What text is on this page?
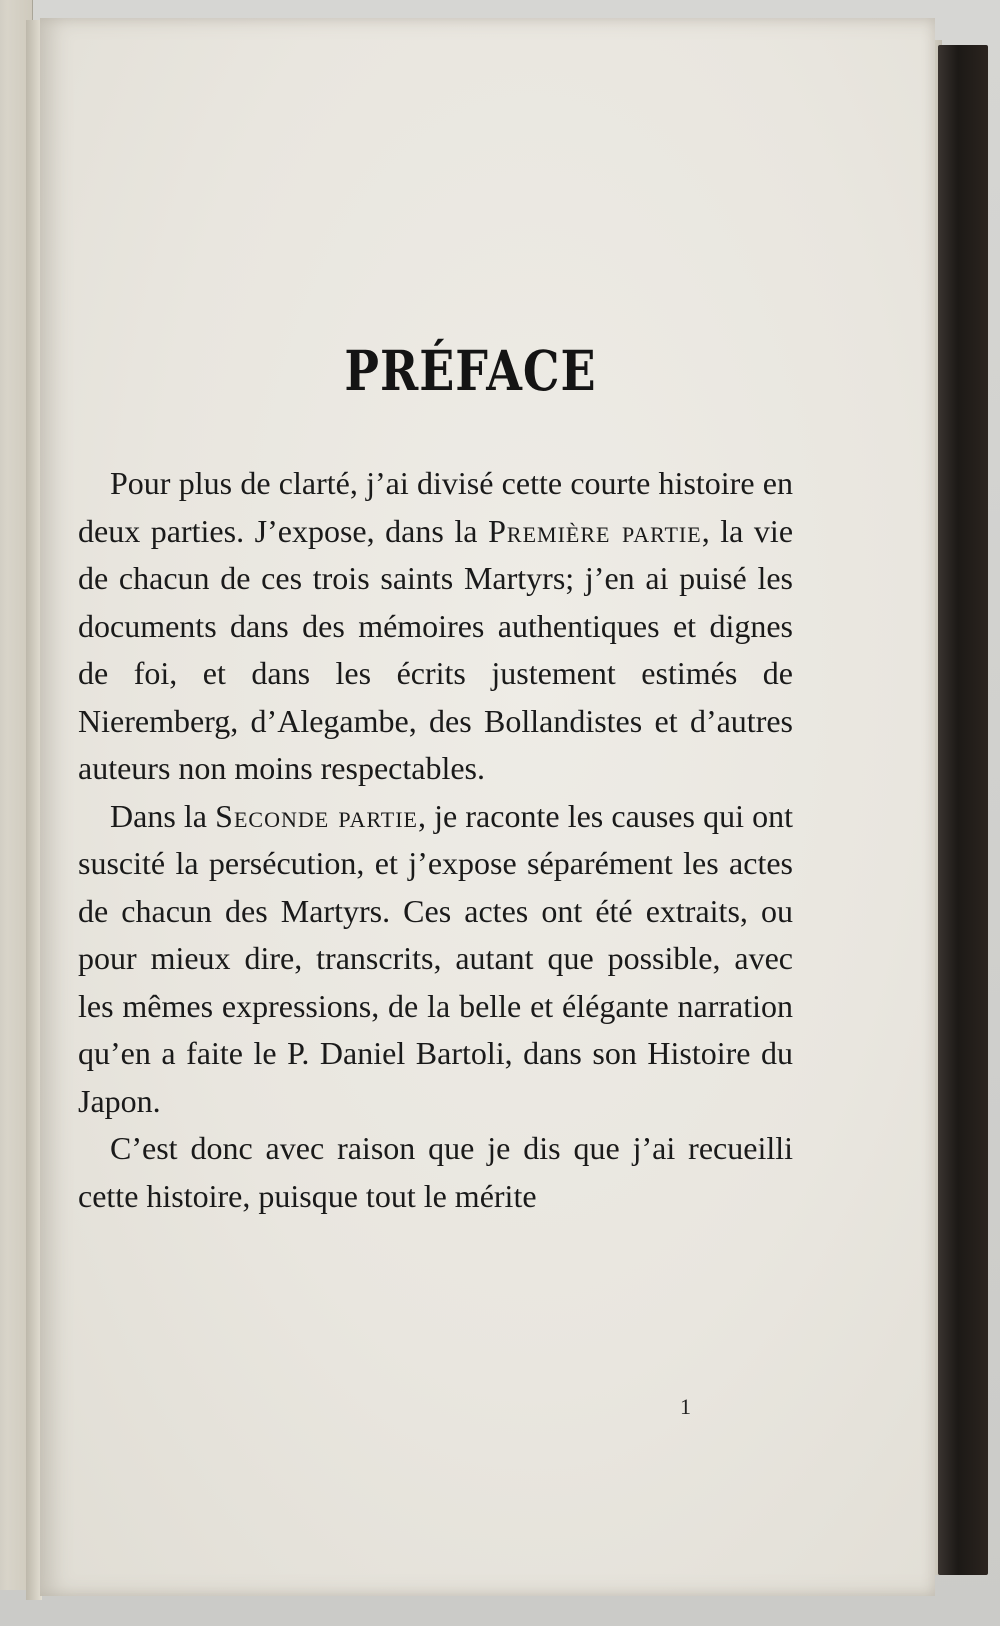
PRÉFACE

Pour plus de clarté, j’ai divisé cette courte histoire en deux parties. J’expose, dans la Première partie, la vie de chacun de ces trois saints Martyrs; j’en ai puisé les documents dans des mémoires authentiques et dignes de foi, et dans les écrits justement estimés de Nieremberg, d’Alegambe, des Bollandistes et d’autres auteurs non moins respectables.

Dans la Seconde partie, je raconte les causes qui ont suscité la persécution, et j’expose séparément les actes de chacun des Martyrs. Ces actes ont été extraits, ou pour mieux dire, transcrits, autant que possible, avec les mêmes expressions, de la belle et élégante narration qu’en a faite le P. Daniel Bartoli, dans son Histoire du Japon.

C’est donc avec raison que je dis que j’ai recueilli cette histoire, puisque tout le mérite

1
